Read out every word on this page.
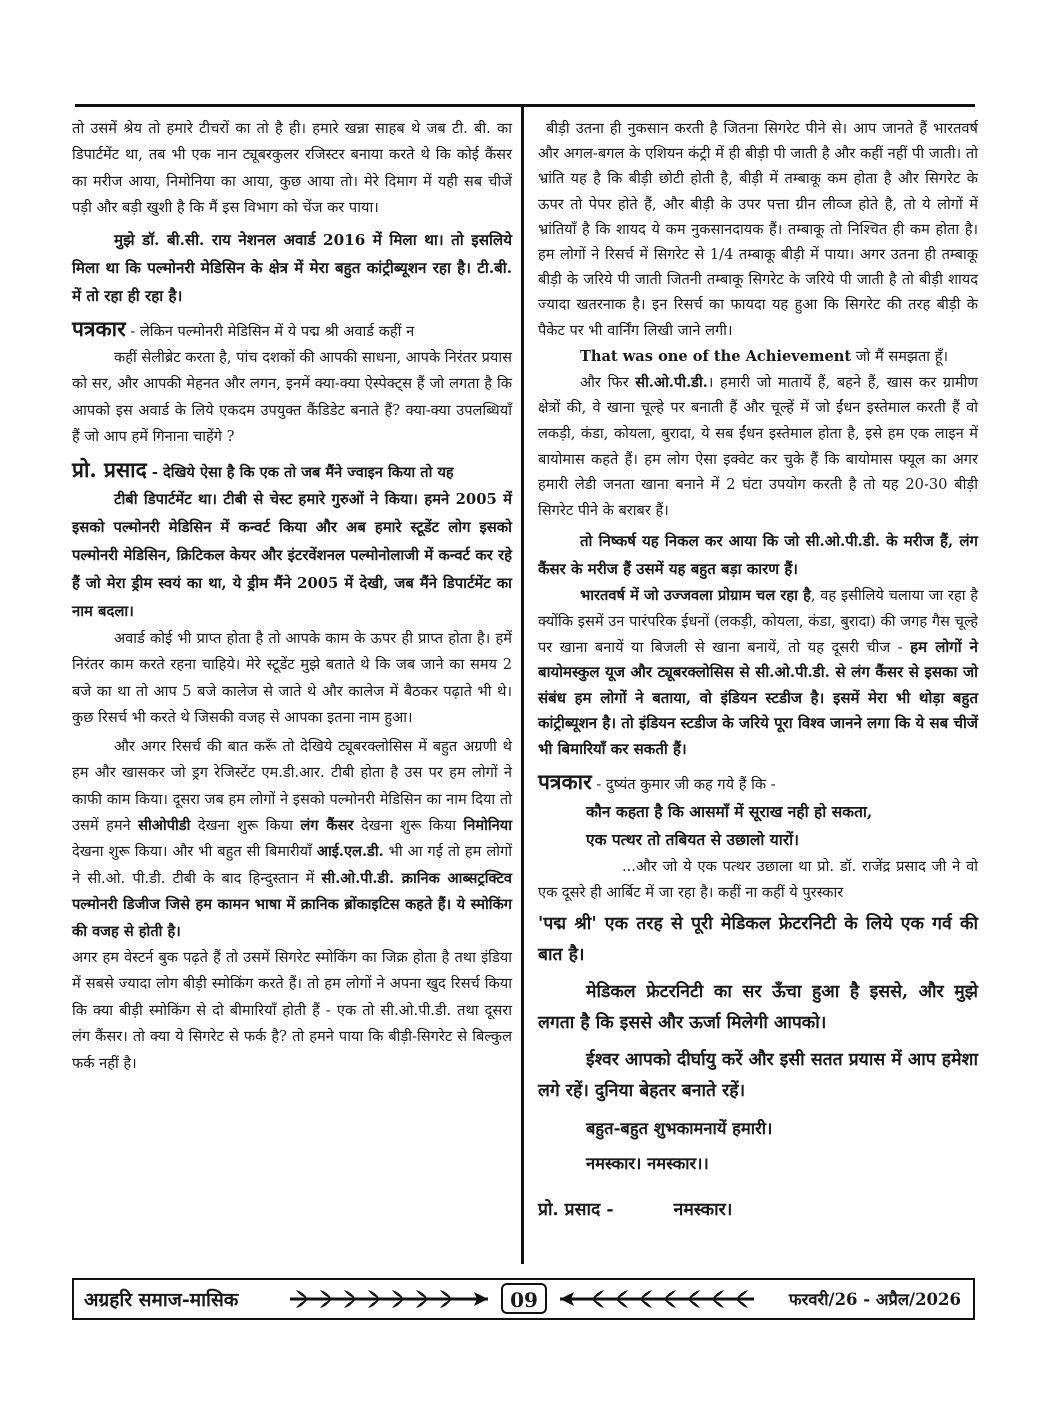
तो उसमें श्रेय तो हमारे टीचरों का तो है ही। हमारे खन्ना साहब थे जब टी. बी. का डिपार्टमेंट था, तब भी एक नान ट्यूबरकुलर रजिस्टर बनाया करते थे कि कोई कैंसर का मरीज आया, निमोनिया का आया, कुछ आया तो। मेरे दिमाग में यही सब चीजें पड़ी और बड़ी खुशी है कि मैं इस विभाग को चेंज कर पाया।

मुझे डॉ. बी.सी. राय नेशनल अवार्ड 2016 में मिला था। तो इसलिये मिला था कि पल्मोनरी मेडिसिन के क्षेत्र में मेरा बहुत कांट्रीब्यूशन रहा है। टी.बी. में तो रहा ही रहा है।

पत्रकार - लेकिन पल्मोनरी मेडिसिन में ये पद्म श्री अवार्ड कहीं न

कहीं सेलीब्रेट करता है, पांच दशकों की आपकी साधना, आपके निरंतर प्रयास को सर, और आपकी मेहनत और लगन, इनमें क्या-क्या ऐस्पेक्ट्स हैं जो लगता है कि आपको इस अवार्ड के लिये एकदम उपयुक्त कैंडिडेट बनाते हैं? क्या-क्या उपलब्धियाँ हैं जो आप हमें गिनाना चाहेंगे ?

प्रो. प्रसाद - देखिये ऐसा है कि एक तो जब मैंने ज्वाइन किया तो यह

टीबी डिपार्टमेंट था। टीबी से चेस्ट हमारे गुरुओं ने किया। हमने 2005 में इसको पल्मोनरी मेडिसिन में कन्वर्ट किया और अब हमारे स्टूडेंट लोग इसको पल्मोनरी मेडिसिन, क्रिटिकल केयर और इंटरवेंशनल पल्मोनोलाजी में कन्वर्ट कर रहे हैं जो मेरा ड्रीम स्वयं का था, ये ड्रीम मैंने 2005 में देखी, जब मैंने डिपार्टमेंट का नाम बदला।

अवार्ड कोई भी प्राप्त होता है तो आपके काम के ऊपर ही प्राप्त होता है। हमें निरंतर काम करते रहना चाहिये। मेरे स्टूडेंट मुझे बताते थे कि जब जाने का समय 2 बजे का था तो आप 5 बजे कालेज से जाते थे और कालेज में बैठकर पढ़ाते भी थे। कुछ रिसर्च भी करते थे जिसकी वजह से आपका इतना नाम हुआ।

और अगर रिसर्च की बात करूँ तो देखिये ट्यूबरक्लोसिस में बहुत अग्रणी थे हम और खासकर जो ड्रग रेजिस्टेंट एम.डी.आर. टीबी होता है उस पर हम लोगों ने काफी काम किया। दूसरा जब हम लोगों ने इसको पल्मोनरी मेडिसिन का नाम दिया तो उसमें हमने सीओपीडी देखना शुरू किया लंग कैंसर देखना शुरू किया निमोनिया देखना शुरू किया। और भी बहुत सी बिमारीयाँ आई.एल.डी. भी आ गई तो हम लोगों ने सी.ओ. पी.डी. टीबी के बाद हिन्दुस्तान में सी.ओ.पी.डी. क्रानिक आब्सट्रक्टिव पल्मोनरी डिजीज जिसे हम कामन भाषा में क्रानिक ब्रोंकाइटिस कहते हैं। ये स्मोकिंग की वजह से होती है।

अगर हम वेस्टर्न बुक पढ़ते हैं तो उसमें सिगरेट स्मोकिंग का जिक्र होता है तथा इंडिया में सबसे ज्यादा लोग बीड़ी स्मोकिंग करते हैं। तो हम लोगों ने अपना खुद रिसर्च किया कि क्या बीड़ी स्मोकिंग से दो बीमारियाँ होती हैं - एक तो सी.ओ.पी.डी. तथा दूसरा लंग कैंसर। तो क्या ये सिगरेट से फर्क है? तो हमने पाया कि बीड़ी-सिगरेट से बिल्कुल फर्क नहीं है।

बीड़ी उतना ही नुकसान करती है जितना सिगरेट पीने से। आप जानते हैं भारतवर्ष और अगल-बगल के एशियन कंट्री में ही बीड़ी पी जाती है और कहीं नहीं पी जाती। तो भ्रांति यह है कि बीड़ी छोटी होती है, बीड़ी में तम्बाकू कम होता है और सिगरेट के ऊपर तो पेपर होते हैं, और बीड़ी के उपर पत्ता ग्रीन लीव्ज होते है, तो ये लोगों में भ्रांतियाँ है कि शायद ये कम नुकसानदायक हैं। तम्बाकू तो निश्चित ही कम होता है। हम लोगों ने रिसर्च में सिगरेट से 1/4 तम्बाकू बीड़ी में पाया। अगर उतना ही तम्बाकू बीड़ी के जरिये पी जाती जितनी तम्बाकू सिगरेट के जरिये पी जाती है तो बीड़ी शायद ज्यादा खतरनाक है। इन रिसर्च का फायदा यह हुआ कि सिगरेट की तरह बीड़ी के पैकेट पर भी वार्निंग लिखी जाने लगी।

That was one of the Achievement जो मैं समझता हूँ।

और फिर सी.ओ.पी.डी.। हमारी जो मातायें हैं, बहने हैं, खास कर ग्रामीण क्षेत्रों की, वे खाना चूल्हे पर बनाती हैं और चूल्हें में जो ईंधन इस्तेमाल करती हैं वो लकड़ी, कंडा, कोयला, बुरादा, ये सब ईंधन इस्तेमाल होता है, इसे हम एक लाइन में बायोमास कहते हैं। हम लोग ऐसा इक्वेट कर चुके हैं कि बायोमास फ्यूल का अगर हमारी लेडी जनता खाना बनाने में 2 घंटा उपयोग करती है तो यह 20-30 बीड़ी सिगरेट पीने के बराबर हैं।

तो निष्कर्ष यह निकल कर आया कि जो सी.ओ.पी.डी. के मरीज हैं, लंग कैंसर के मरीज हैं उसमें यह बहुत बड़ा कारण हैं।

भारतवर्ष में जो उज्जवला प्रोग्राम चल रहा है, वह इसीलिये चलाया जा रहा है क्योंकि इसमें उन पारंपरिक ईधनों (लकड़ी, कोयला, कंडा, बुरादा) की जगह गैस चूल्हे पर खाना बनायें या बिजली से खाना बनायें, तो यह दूसरी चीज - हम लोगों ने बायोमस्कुल यूज और ट्यूबरक्लोसिस से सी.ओ.पी.डी. से लंग कैंसर से इसका जो संबंध हम लोगों ने बताया, वो इंडियन स्टडीज है। इसमें मेरा भी थोड़ा बहुत कांट्रीब्यूशन है। तो इंडियन स्टडीज के जरिये पूरा विश्व जानने लगा कि ये सब चीजें भी बिमारियाँ कर सकती हैं।

पत्रकार - दुष्यंत कुमार जी कह गये हैं कि -

कौन कहता है कि आसमाँ में सूराख नही हो सकता,

एक पत्थर तो तबियत से उछालो यारों।

...और जो ये एक पत्थर उछाला था प्रो. डॉ. राजेंद्र प्रसाद जी ने वो एक दूसरे ही आर्बिट में जा रहा है। कहीं ना कहीं ये पुरस्कार

'पद्म श्री' एक तरह से पूरी मेडिकल फ्रेटरनिटी के लिये एक गर्व की बात है।

मेडिकल फ्रेटरनिटी का सर ऊँचा हुआ है इससे, और मुझे लगता है कि इससे और ऊर्जा मिलेगी आपको।

ईश्वर आपको दीर्घायु करें और इसी सतत प्रयास में आप हमेशा लगे रहें। दुनिया बेहतर बनाते रहें।

बहुत-बहुत शुभकामनायें हमारी।

नमस्कार। नमस्कार।।

प्रो. प्रसाद -	नमस्कार।

अग्रहरि समाज-मासिक	09	फरवरी/26 - अप्रैल/2026
